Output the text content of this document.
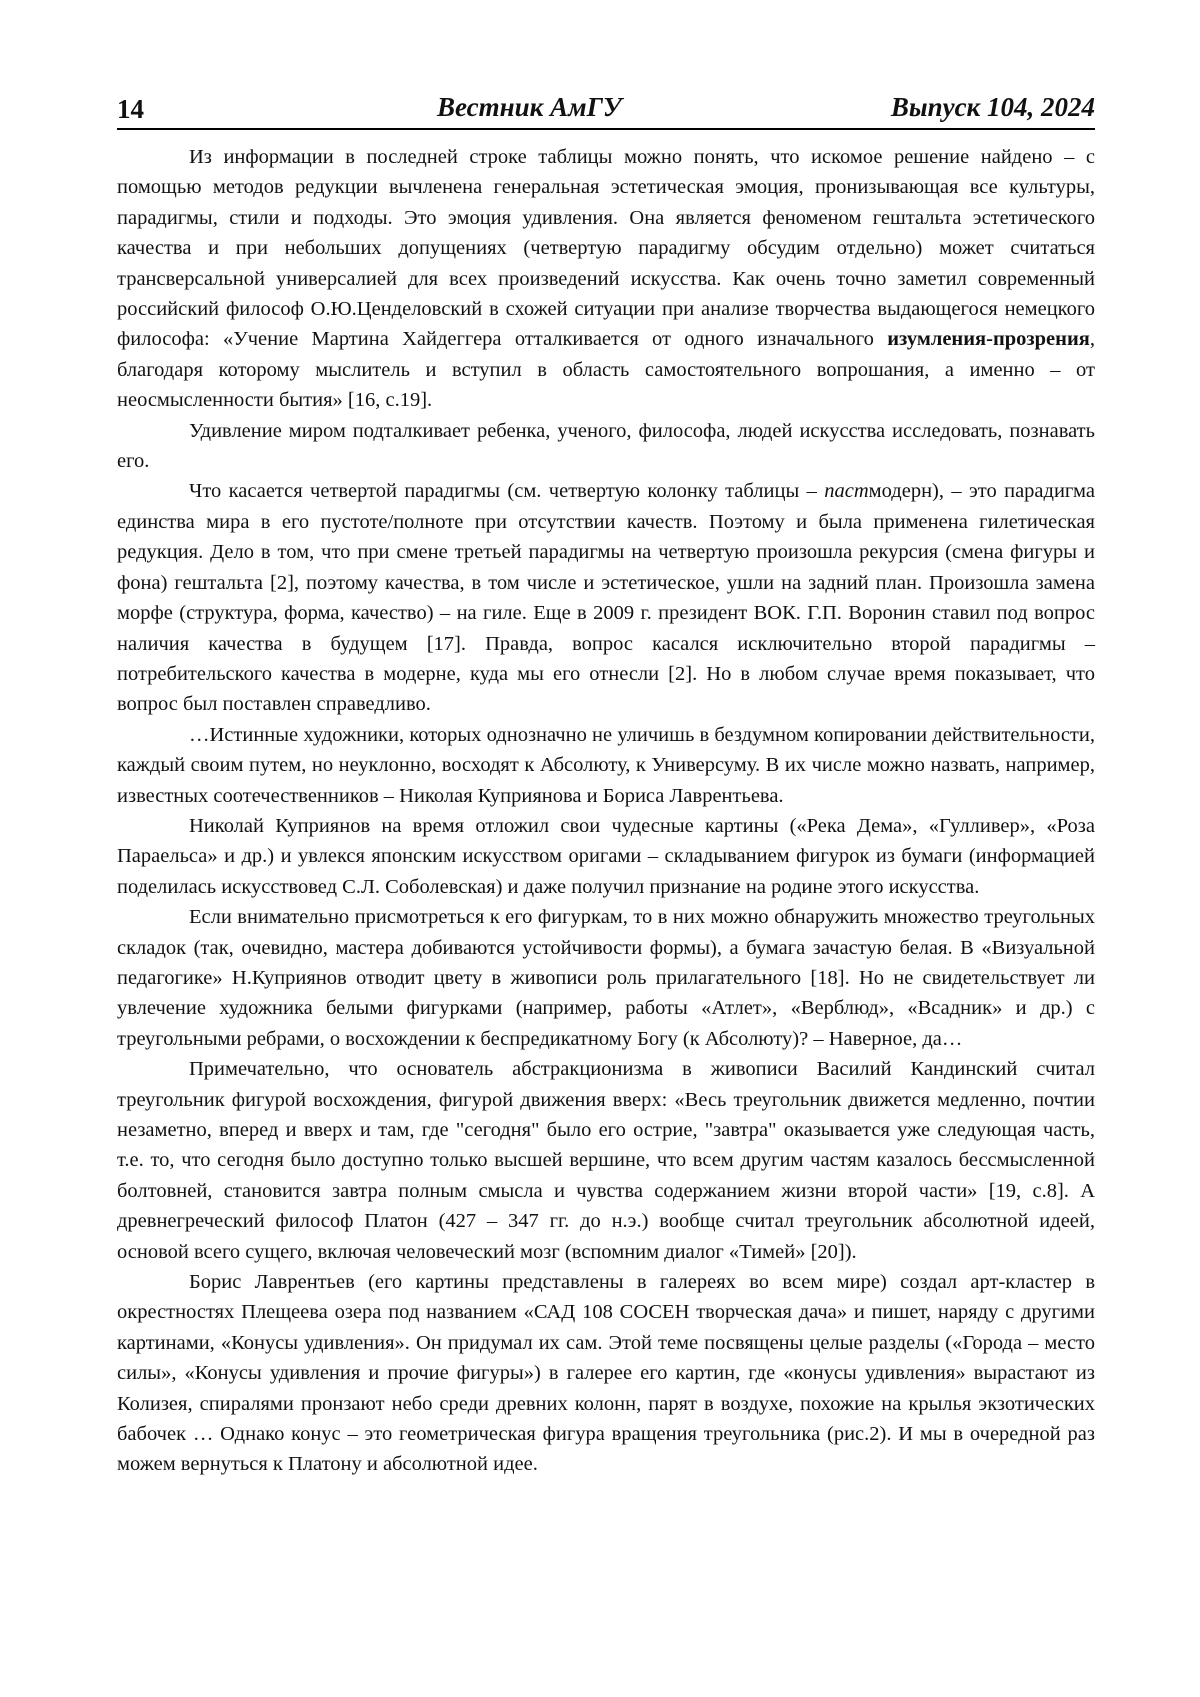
14	Вестник АмГУ	Выпуск 104, 2024

Из информации в последней строке таблицы можно понять, что искомое решение найдено – с помощью методов редукции вычленена генеральная эстетическая эмоция, пронизывающая все культуры, парадигмы, стили и подходы. Это эмоция удивления. Она является феноменом гештальта эстетического качества и при небольших допущениях (четвертую парадигму обсудим отдельно) может считаться трансверсальной универсалией для всех произведений искусства. Как очень точно заметил современный российский философ О.Ю.Ценделовский в схожей ситуации при анализе творчества выдающегося немецкого философа: «Учение Мартина Хайдеггера отталкивается от одного изначального изумления-прозрения, благодаря которому мыслитель и вступил в область самостоятельного вопрошания, а именно – от неосмысленности бытия» [16, с.19].

Удивление миром подталкивает ребенка, ученого, философа, людей искусства исследовать, познавать его.

Что касается четвертой парадигмы (см. четвертую колонку таблицы – пастмодерн), – это парадигма единства мира в его пустоте/полноте при отсутствии качеств. Поэтому и была применена гилетическая редукция. Дело в том, что при смене третьей парадигмы на четвертую произошла рекурсия (смена фигуры и фона) гештальта [2], поэтому качества, в том числе и эстетическое, ушли на задний план. Произошла замена морфе (структура, форма, качество) – на гиле. Еще в 2009 г. президент ВОК. Г.П. Воронин ставил под вопрос наличия качества в будущем [17]. Правда, вопрос касался исключительно второй парадигмы – потребительского качества в модерне, куда мы его отнесли [2]. Но в любом случае время показывает, что вопрос был поставлен справедливо.

…Истинные художники, которых однозначно не уличишь в бездумном копировании действительности, каждый своим путем, но неуклонно, восходят к Абсолюту, к Универсуму. В их числе можно назвать, например, известных соотечественников – Николая Куприянова и Бориса Лаврентьева.

Николай Куприянов на время отложил свои чудесные картины («Река Дема», «Гулливер», «Роза Параельса» и др.) и увлекся японским искусством оригами – складыванием фигурок из бумаги (информацией поделилась искусствовед С.Л. Соболевская) и даже получил признание на родине этого искусства.

Если внимательно присмотреться к его фигуркам, то в них можно обнаружить множество треугольных складок (так, очевидно, мастера добиваются устойчивости формы), а бумага зачастую белая. В «Визуальной педагогике» Н.Куприянов отводит цвету в живописи роль прилагательного [18]. Но не свидетельствует ли увлечение художника белыми фигурками (например, работы «Атлет», «Верблюд», «Всадник» и др.) с треугольными ребрами, о восхождении к беспредикатному Богу (к Абсолюту)? – Наверное, да…

Примечательно, что основатель абстракционизма в живописи Василий Кандинский считал треугольник фигурой восхождения, фигурой движения вверх: «Весь треугольник движется медленно, почтии незаметно, вперед и вверх и там, где "сегодня" было его острие, "завтра" оказывается уже следующая часть, т.е. то, что сегодня было доступно только высшей вершине, что всем другим частям казалось бессмысленной болтовней, становится завтра полным смысла и чувства содержанием жизни второй части» [19, с.8]. А древнегреческий философ Платон (427 – 347 гг. до н.э.) вообще считал треугольник абсолютной идеей, основой всего сущего, включая человеческий мозг (вспомним диалог «Тимей» [20]).

Борис Лаврентьев (его картины представлены в галереях во всем мире) создал арт-кластер в окрестностях Плещеева озера под названием «САД 108 СОСЕН творческая дача» и пишет, наряду с другими картинами, «Конусы удивления». Он придумал их сам. Этой теме посвящены целые разделы («Города – место силы», «Конусы удивления и прочие фигуры») в галерее его картин, где «конусы удивления» вырастают из Колизея, спиралями пронзают небо среди древних колонн, парят в воздухе, похожие на крылья экзотических бабочек … Однако конус – это геометрическая фигура вращения треугольника (рис.2). И мы в очередной раз можем вернуться к Платону и абсолютной идее.
